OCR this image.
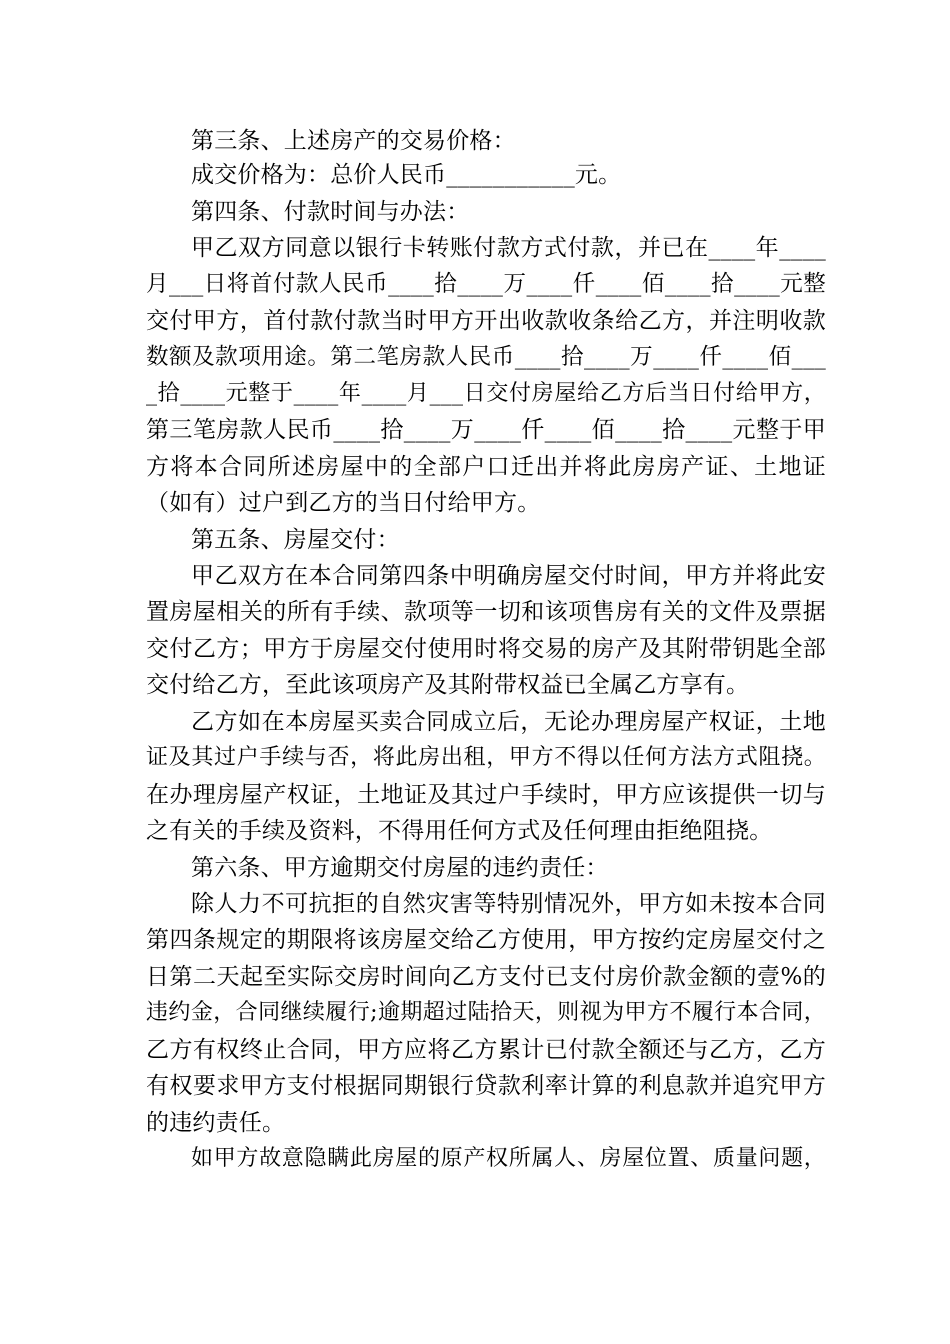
第三条、上述房产的交易价格：
成交价格为：总价人民币___________元。
第四条、付款时间与办法：
甲乙双方同意以银行卡转账付款方式付款，并已在____年____
月___日将首付款人民币____拾____万____仟____佰____拾____元整
交付甲方，首付款付款当时甲方开出收款收条给乙方，并注明收款
数额及款项用途。第二笔房款人民币____拾____万____仟____佰___
_拾____元整于____年____月___日交付房屋给乙方后当日付给甲方，
第三笔房款人民币____拾____万____仟____佰____拾____元整于甲
方将本合同所述房屋中的全部户口迁出并将此房房产证、土地证
（如有）过户到乙方的当日付给甲方。
第五条、房屋交付：
甲乙双方在本合同第四条中明确房屋交付时间，甲方并将此安
置房屋相关的所有手续、款项等一切和该项售房有关的文件及票据
交付乙方；甲方于房屋交付使用时将交易的房产及其附带钥匙全部
交付给乙方，至此该项房产及其附带权益已全属乙方享有。
乙方如在本房屋买卖合同成立后，无论办理房屋产权证，土地
证及其过户手续与否，将此房出租，甲方不得以任何方法方式阻挠。
在办理房屋产权证，土地证及其过户手续时，甲方应该提供一切与
之有关的手续及资料，不得用任何方式及任何理由拒绝阻挠。
第六条、甲方逾期交付房屋的违约责任：
除人力不可抗拒的自然灾害等特别情况外，甲方如未按本合同
第四条规定的期限将该房屋交给乙方使用，甲方按约定房屋交付之
日第二天起至实际交房时间向乙方支付已支付房价款金额的壹%的
违约金，合同继续履行;逾期超过陆拾天，则视为甲方不履行本合同，
乙方有权终止合同，甲方应将乙方累计已付款全额还与乙方，乙方
有权要求甲方支付根据同期银行贷款利率计算的利息款并追究甲方
的违约责任。
如甲方故意隐瞒此房屋的原产权所属人、房屋位置、质量问题，
